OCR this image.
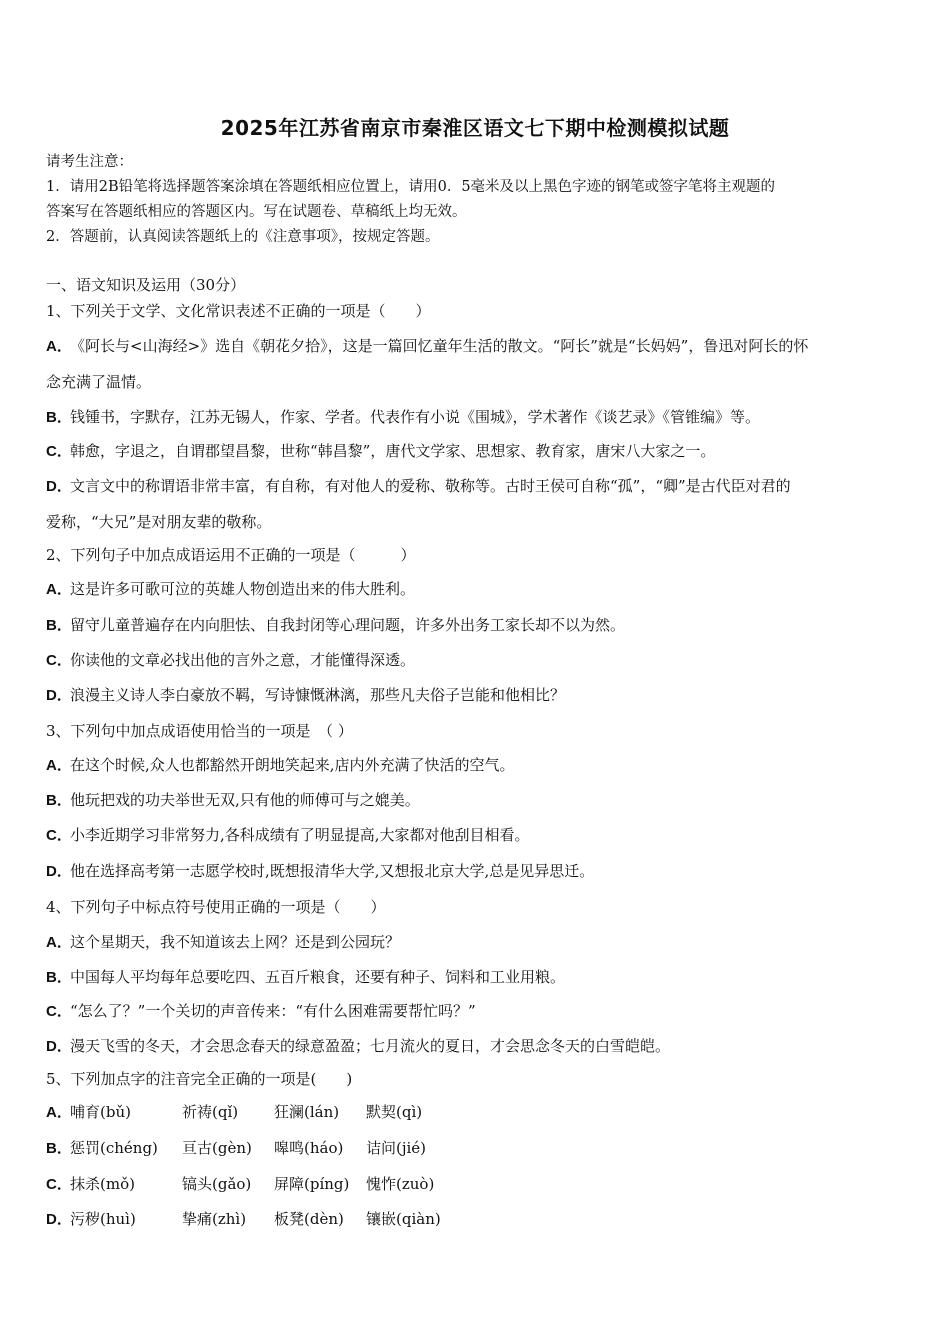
2025年江苏省南京市秦淮区语文七下期中检测模拟试题
请考生注意：
1．请用2B铅笔将选择题答案涂填在答题纸相应位置上，请用0．5毫米及以上黑色字迹的钢笔或签字笔将主观题的
答案写在答题纸相应的答题区内。写在试题卷、草稿纸上均无效。
2．答题前，认真阅读答题纸上的《注意事项》，按规定答题。
一、语文知识及运用（30分）
1、下列关于文学、文化常识表述不正确的一项是（　　）
A．《阿长与<山海经>》选自《朝花夕拾》，这是一篇回忆童年生活的散文。“阿长”就是“长妈妈”，鲁迅对阿长的怀
念充满了温情。
B．钱锺书，字默存，江苏无锡人，作家、学者。代表作有小说《围城》，学术著作《谈艺录》《管锥编》等。
C．韩愈，字退之，自谓郡望昌黎，世称“韩昌黎”，唐代文学家、思想家、教育家，唐宋八大家之一。
D．文言文中的称谓语非常丰富，有自称，有对他人的爱称、敬称等。古时王侯可自称“孤”，“卿”是古代臣对君的
爱称，“大兄”是对朋友辈的敬称。
2、下列句子中加点成语运用不正确的一项是（　　　）
A．这是许多可歌可泣的英雄人物创造出来的伟大胜利。
B．留守儿童普遍存在内向胆怯、自我封闭等心理问题，许多外出务工家长却不以为然。
C．你读他的文章必找出他的言外之意，才能懂得深透。
D．浪漫主义诗人李白豪放不羁，写诗慷慨淋漓，那些凡夫俗子岂能和他相比？
3、下列句中加点成语使用恰当的一项是　（ ）
A．在这个时候,众人也都豁然开朗地笑起来,店内外充满了快活的空气。
B．他玩把戏的功夫举世无双,只有他的师傅可与之媲美。
C．小李近期学习非常努力,各科成绩有了明显提高,大家都对他刮目相看。
D．他在选择高考第一志愿学校时,既想报清华大学,又想报北京大学,总是见异思迁。
4、下列句子中标点符号使用正确的一项是（　　）
A．这个星期天，我不知道该去上网？还是到公园玩？
B．中国每人平均每年总要吃四、五百斤粮食，还要有种子、饲料和工业用粮。
C．“怎么了？”一个关切的声音传来：“有什么困难需要帮忙吗？”
D．漫天飞雪的冬天，才会思念春天的绿意盈盈；七月流火的夏日，才会思念冬天的白雪皑皑。
5、下列加点字的注音完全正确的一项是(　　)
A．哺育(bǔ)	祈祷(qǐ) 狂澜(lán) 默契(qì)
B．惩罚(chéng) 亘古(gèn) 嗥鸣(háo) 诘问(jié)
C．抹杀(mǒ)	镐头(gǎo) 屏障(píng) 愧怍(zuò)
D．污秽(huì)	挚痛(zhì) 板凳(dèn) 镶嵌(qiàn)
